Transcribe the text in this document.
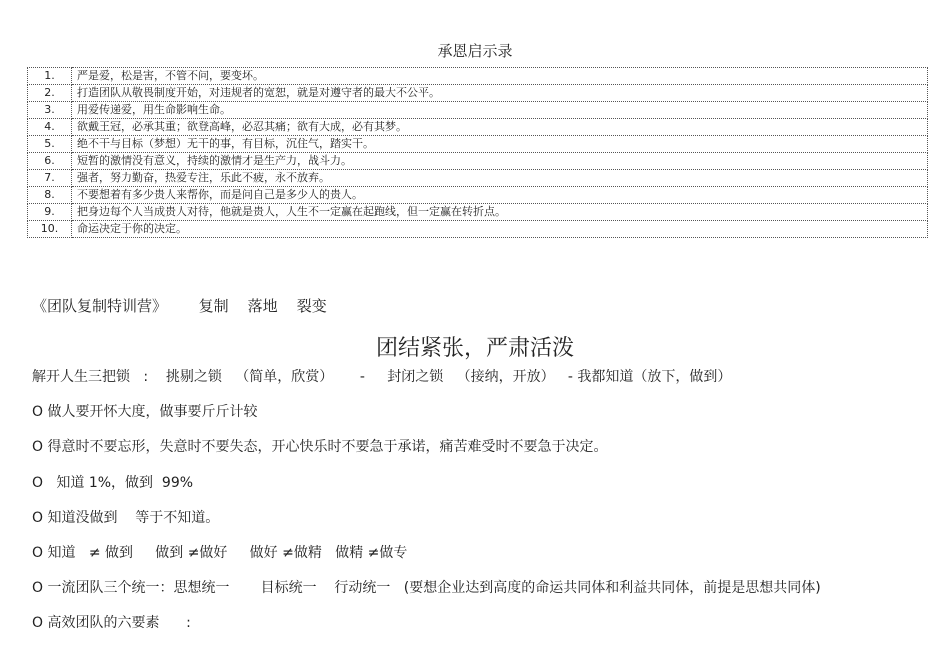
承恩启示录
1.	严是爱，松是害，不管不问，要变坏。
2.	打造团队从敬畏制度开始，对违规者的宽恕，就是对遵守者的最大不公平。
3.	用爱传递爱，用生命影响生命。
4.	欲戴王冠，必承其重；欲登高峰，必忍其痛；欲有大成，必有其梦。
5.	绝不干与目标（梦想）无干的事，有目标，沉住气，踏实干。
6.	短暂的激情没有意义，持续的激情才是生产力，战斗力。
7.	强者，努力勤奋，热爱专注，乐此不疲，永不放弃。
8.	不要想着有多少贵人来帮你，而是问自己是多少人的贵人。
9.	把身边每个人当成贵人对待，他就是贵人，人生不一定赢在起跑线，但一定赢在转折点。
10.	命运决定于你的决定。
《团队复制特训营》 复制    落地    裂变
团结紧张，严肃活泼
解开人生三把锁   :    挑剔之锁   （简单，欣赏）      -     封闭之锁   （接纳，开放）   - 我都知道（放下，做到）
O 做人要开怀大度，做事要斤斤计较
O 得意时不要忘形，失意时不要失态，开心快乐时不要急于承诺，痛苦难受时不要急于决定。
O   知道 1%，做到  99%
O 知道没做到    等于不知道。
O 知道   ≠ 做到     做到 ≠做好     做好 ≠做精   做精 ≠做专
O 一流团队三个统一：思想统一       目标统一    行动统一   (要想企业达到高度的命运共同体和利益共同体，前提是思想共同体)
O 高效团队的六要素      :
